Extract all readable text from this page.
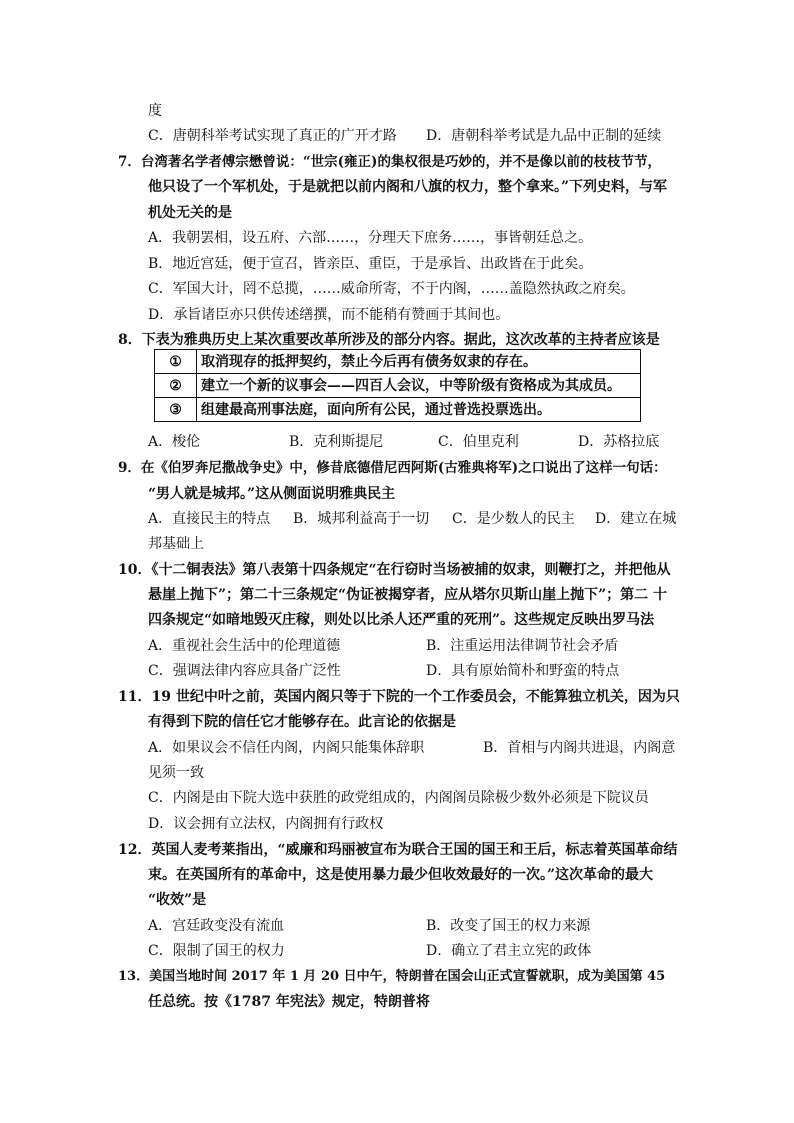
度
C．唐朝科举考试实现了真正的广开才路 D．唐朝科举考试是九品中正制的延续
7．台湾著名学者傅宗懋曾说：“世宗(雍正)的集权很是巧妙的，并不是像以前的枝枝节节，
他只设了一个军机处，于是就把以前内阁和八旗的权力，整个拿来。”下列史料，与军
机处无关的是
A．我朝罢相，设五府、六部……，分理天下庶务……，事皆朝廷总之。
B．地近宫廷，便于宣召，皆亲臣、重臣，于是承旨、出政皆在于此矣。
C．军国大计，罔不总揽，……威命所寄，不于内阁，……盖隐然执政之府矣。
D．承旨诸臣亦只供传述缮撰，而不能稍有赞画于其间也。
8．下表为雅典历史上某次重要改革所涉及的部分内容。据此，这次改革的主持者应该是
①	取消现存的抵押契约，禁止今后再有债务奴隶的存在。
②	建立一个新的议事会——四百人会议，中等阶级有资格成为其成员。
③	组建最高刑事法庭，面向所有公民，通过普选投票选出。
A．梭伦	B．克利斯提尼	C．伯里克利	D．苏格拉底
9．在《伯罗奔尼撒战争史》中，修昔底德借尼西阿斯(古雅典将军)之口说出了这样一句话：
“男人就是城邦。”这从侧面说明雅典民主
A．直接民主的特点 B．城邦利益高于一切 C．是少数人的民主 D．建立在城
邦基础上
10．《十二铜表法》第八表第十四条规定“在行窃时当场被捕的奴隶，则鞭打之，并把他从
悬崖上抛下”；第二十三条规定“伪证被揭穿者，应从塔尔贝斯山崖上抛下”；第二 十
四条规定“如暗地毁灭庄稼，则处以比杀人还严重的死刑”。这些规定反映出罗马法
A．重视社会生活中的伦理道德	B．注重运用法律调节社会矛盾
C．强调法律内容应具备广泛性	D．具有原始简朴和野蛮的特点
11．19 世纪中叶之前，英国内阁只等于下院的一个工作委员会，不能算独立机关，因为只
有得到下院的信任它才能够存在。此言论的依据是
A．如果议会不信任内阁，内阁只能集体辞职	B．首相与内阁共进退，内阁意
见须一致
C．内阁是由下院大选中获胜的政党组成的，内阁阁员除极少数外必须是下院议员
D．议会拥有立法权，内阁拥有行政权
12．英国人麦考莱指出，“威廉和玛丽被宣布为联合王国的国王和王后，标志着英国革命结
束。在英国所有的革命中，这是使用暴力最少但收效最好的一次。”这次革命的最大
“收效”是
A．宫廷政变没有流血	B．改变了国王的权力来源
C．限制了国王的权力	D．确立了君主立宪的政体
13．美国当地时间 2017 年 1 月 20 日中午，特朗普在国会山正式宣誓就职，成为美国第 45
任总统。按《1787 年宪法》规定，特朗普将
